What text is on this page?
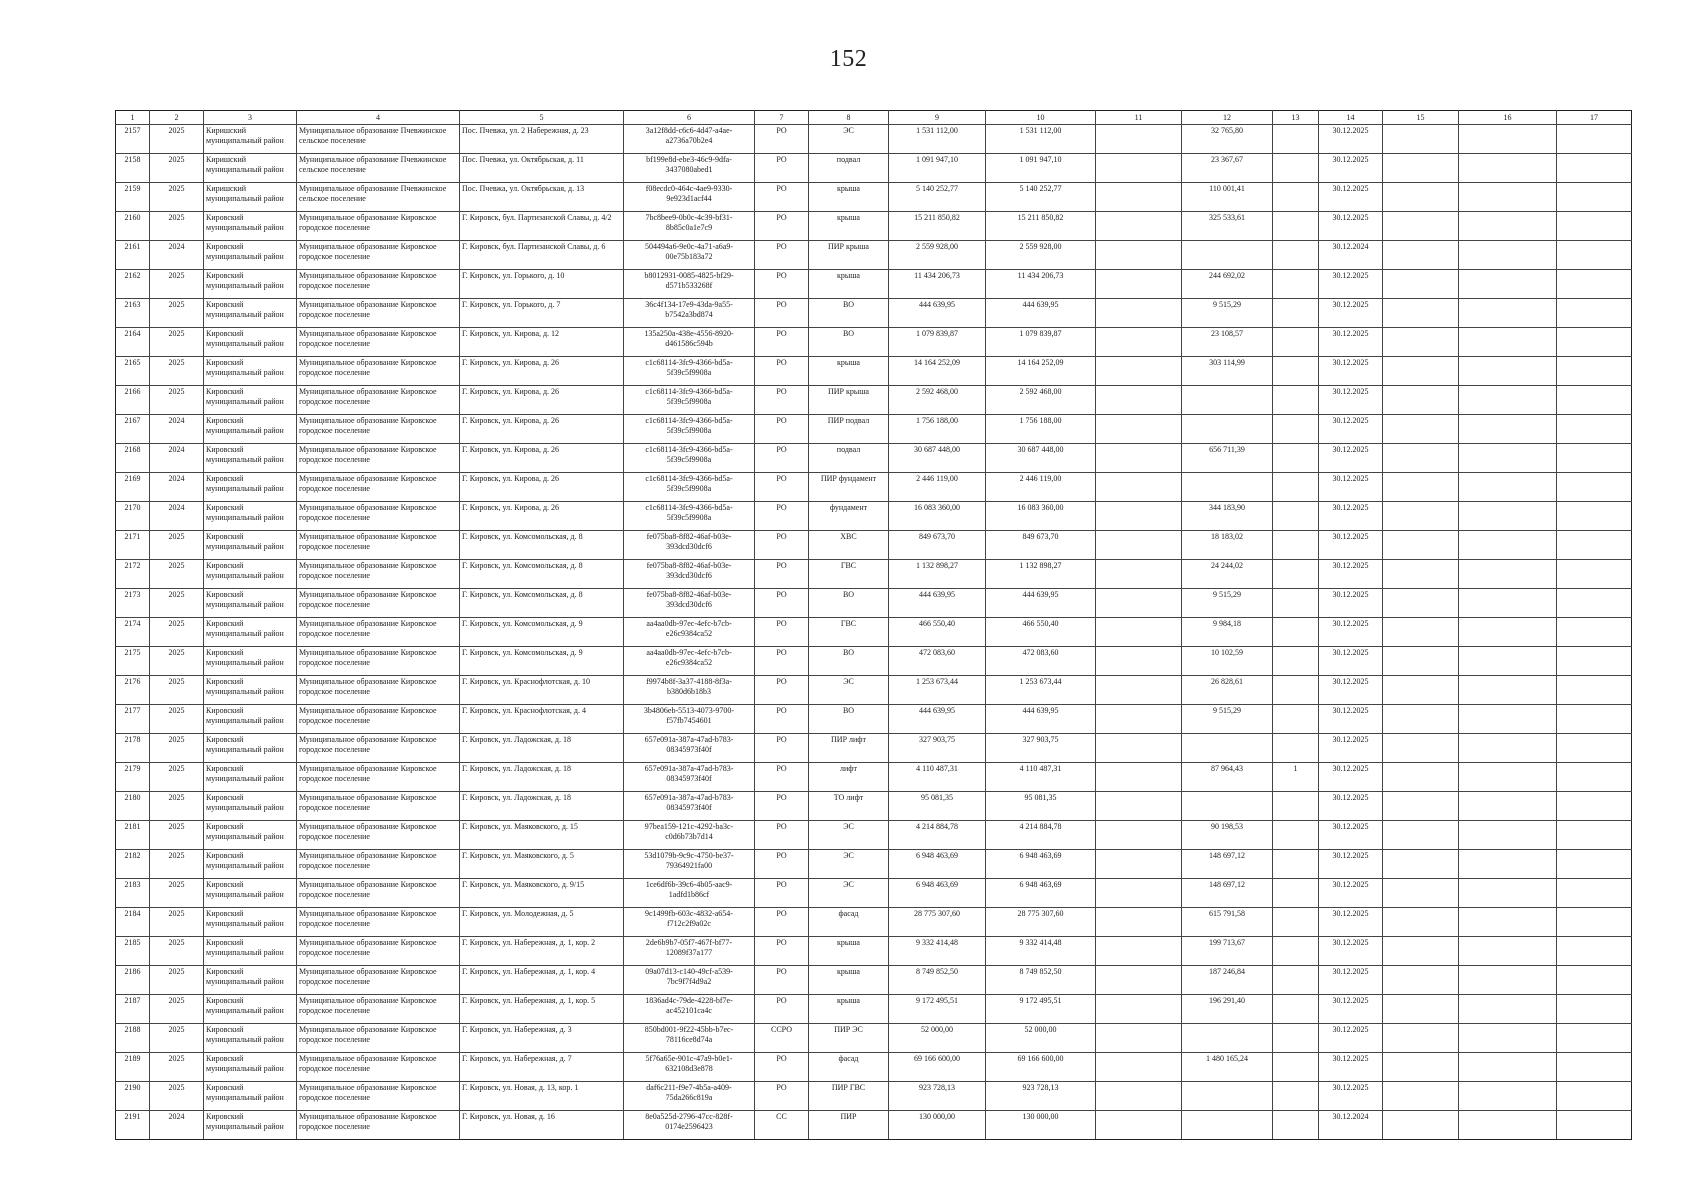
152
1	2	3	4	5	6	7	8	9	10	11	12	13	14	15	16	17
2157	2025	Киришский муниципальный район	Муниципальное образование Пчевжинское сельское поселение	Пос. Пчевжа, ул. 2 Набережная, д. 23	3a12f8dd-c6c6-4d47-a4ae-a2736a70b2e4	РО	ЭС	1 531 112,00	1 531 112,00		32 765,80		30.12.2025			
2158	2025	Киришский муниципальный район	Муниципальное образование Пчевжинское сельское поселение	Пос. Пчевжа, ул. Октябрьская, д. 11	bf199e8d-ebe3-46c9-9dfa-3437080abed1	РО	подвал	1 091 947,10	1 091 947,10		23 367,67		30.12.2025			
2159	2025	Киришский муниципальный район	Муниципальное образование Пчевжинское сельское поселение	Пос. Пчевжа, ул. Октябрьская, д. 13	f08ecdc0-464c-4ae9-9330-9e923d1acf44	РО	крыша	5 140 252,77	5 140 252,77		110 001,41		30.12.2025			
2160	2025	Кировский муниципальный район	Муниципальное образование Кировское городское поселение	Г. Кировск, бул. Партизанской Славы, д. 4/2	7bc8bee9-0b0c-4c39-bf31-8b85c0a1e7c9	РО	крыша	15 211 850,82	15 211 850,82		325 533,61		30.12.2025			
2161	2024	Кировский муниципальный район	Муниципальное образование Кировское городское поселение	Г. Кировск, бул. Партизанской Славы, д. 6	504494a6-9e0c-4a71-a6a9-00e75b183a72	РО	ПИР крыша	2 559 928,00	2 559 928,00				30.12.2024			
2162	2025	Кировский муниципальный район	Муниципальное образование Кировское городское поселение	Г. Кировск, ул. Горького, д. 10	b8012931-0085-4825-bf29-d571b533268f	РО	крыша	11 434 206,73	11 434 206,73		244 692,02		30.12.2025			
2163	2025	Кировский муниципальный район	Муниципальное образование Кировское городское поселение	Г. Кировск, ул. Горького, д. 7	36c4f134-17e9-43da-9a55-b7542a3bd874	РО	ВО	444 639,95	444 639,95		9 515,29		30.12.2025			
2164	2025	Кировский муниципальный район	Муниципальное образование Кировское городское поселение	Г. Кировск, ул. Кирова, д. 12	135a250a-438e-4556-8920-d461586c594b	РО	ВО	1 079 839,87	1 079 839,87		23 108,57		30.12.2025			
2165	2025	Кировский муниципальный район	Муниципальное образование Кировское городское поселение	Г. Кировск, ул. Кирова, д. 26	c1c68114-3fc9-4366-bd5a-5f39c5f9908a	РО	крыша	14 164 252,09	14 164 252,09		303 114,99		30.12.2025			
2166	2025	Кировский муниципальный район	Муниципальное образование Кировское городское поселение	Г. Кировск, ул. Кирова, д. 26	c1c68114-3fc9-4366-bd5a-5f39c5f9908a	РО	ПИР крыша	2 592 468,00	2 592 468,00				30.12.2025			
2167	2024	Кировский муниципальный район	Муниципальное образование Кировское городское поселение	Г. Кировск, ул. Кирова, д. 26	c1c68114-3fc9-4366-bd5a-5f39c5f9908a	РО	ПИР подвал	1 756 188,00	1 756 188,00				30.12.2025			
2168	2024	Кировский муниципальный район	Муниципальное образование Кировское городское поселение	Г. Кировск, ул. Кирова, д. 26	c1c68114-3fc9-4366-bd5a-5f39c5f9908a	РО	подвал	30 687 448,00	30 687 448,00		656 711,39		30.12.2025			
2169	2024	Кировский муниципальный район	Муниципальное образование Кировское городское поселение	Г. Кировск, ул. Кирова, д. 26	c1c68114-3fc9-4366-bd5a-5f39c5f9908a	РО	ПИР фундамент	2 446 119,00	2 446 119,00				30.12.2025			
2170	2024	Кировский муниципальный район	Муниципальное образование Кировское городское поселение	Г. Кировск, ул. Кирова, д. 26	c1c68114-3fc9-4366-bd5a-5f39c5f9908a	РО	фундамент	16 083 360,00	16 083 360,00		344 183,90		30.12.2025			
2171	2025	Кировский муниципальный район	Муниципальное образование Кировское городское поселение	Г. Кировск, ул. Комсомольская, д. 8	fe075ba8-8f82-46af-b03e-393dcd30dcf6	РО	ХВС	849 673,70	849 673,70		18 183,02		30.12.2025			
2172	2025	Кировский муниципальный район	Муниципальное образование Кировское городское поселение	Г. Кировск, ул. Комсомольская, д. 8	fe075ba8-8f82-46af-b03e-393dcd30dcf6	РО	ГВС	1 132 898,27	1 132 898,27		24 244,02		30.12.2025			
2173	2025	Кировский муниципальный район	Муниципальное образование Кировское городское поселение	Г. Кировск, ул. Комсомольская, д. 8	fe075ba8-8f82-46af-b03e-393dcd30dcf6	РО	ВО	444 639,95	444 639,95		9 515,29		30.12.2025			
2174	2025	Кировский муниципальный район	Муниципальное образование Кировское городское поселение	Г. Кировск, ул. Комсомольская, д. 9	aa4aa0db-97ec-4efc-b7cb-e26c9384ca52	РО	ГВС	466 550,40	466 550,40		9 984,18		30.12.2025			
2175	2025	Кировский муниципальный район	Муниципальное образование Кировское городское поселение	Г. Кировск, ул. Комсомольская, д. 9	aa4aa0db-97ec-4efc-b7cb-e26c9384ca52	РО	ВО	472 083,60	472 083,60		10 102,59		30.12.2025			
2176	2025	Кировский муниципальный район	Муниципальное образование Кировское городское поселение	Г. Кировск, ул. Краснофлотская, д. 10	f9974b8f-3a37-4188-8f3a-b380d6b18b3	РО	ЭС	1 253 673,44	1 253 673,44		26 828,61		30.12.2025			
2177	2025	Кировский муниципальный район	Муниципальное образование Кировское городское поселение	Г. Кировск, ул. Краснофлотская, д. 4	3b4806eb-5513-4073-9700-f57fb7454601	РО	ВО	444 639,95	444 639,95		9 515,29		30.12.2025			
2178	2025	Кировский муниципальный район	Муниципальное образование Кировское городское поселение	Г. Кировск, ул. Ладожская, д. 18	657e091a-387a-47ad-b783-08345973f40f	РО	ПИР лифт	327 903,75	327 903,75				30.12.2025			
2179	2025	Кировский муниципальный район	Муниципальное образование Кировское городское поселение	Г. Кировск, ул. Ладожская, д. 18	657e091a-387a-47ad-b783-08345973f40f	РО	лифт	4 110 487,31	4 110 487,31		87 964,43	1	30.12.2025			
2180	2025	Кировский муниципальный район	Муниципальное образование Кировское городское поселение	Г. Кировск, ул. Ладожская, д. 18	657e091a-387a-47ad-b783-08345973f40f	РО	ТО лифт	95 081,35	95 081,35				30.12.2025			
2181	2025	Кировский муниципальный район	Муниципальное образование Кировское городское поселение	Г. Кировск, ул. Маяковского, д. 15	97bea159-121c-4292-ba3c-c0d6b73b7d14	РО	ЭС	4 214 884,78	4 214 884,78		90 198,53		30.12.2025			
2182	2025	Кировский муниципальный район	Муниципальное образование Кировское городское поселение	Г. Кировск, ул. Маяковского, д. 5	53d1079b-9c9c-4750-be37-79364921fa00	РО	ЭС	6 948 463,69	6 948 463,69		148 697,12		30.12.2025			
2183	2025	Кировский муниципальный район	Муниципальное образование Кировское городское поселение	Г. Кировск, ул. Маяковского, д. 9/15	1ce6df6b-39c6-4b05-aac9-1adfd1b86cf	РО	ЭС	6 948 463,69	6 948 463,69		148 697,12		30.12.2025			
2184	2025	Кировский муниципальный район	Муниципальное образование Кировское городское поселение	Г. Кировск, ул. Молодежная, д. 5	9c1499fb-603c-4832-a654-f712c2f9a02c	РО	фасад	28 775 307,60	28 775 307,60		615 791,58		30.12.2025			
2185	2025	Кировский муниципальный район	Муниципальное образование Кировское городское поселение	Г. Кировск, ул. Набережная, д. 1, кор. 2	2de6b9b7-05f7-467f-bf77-12089f37a177	РО	крыша	9 332 414,48	9 332 414,48		199 713,67		30.12.2025			
2186	2025	Кировский муниципальный район	Муниципальное образование Кировское городское поселение	Г. Кировск, ул. Набережная, д. 1, кор. 4	09a07d13-c140-49cf-a539-7bc9f7f4d9a2	РО	крыша	8 749 852,50	8 749 852,50		187 246,84		30.12.2025			
2187	2025	Кировский муниципальный район	Муниципальное образование Кировское городское поселение	Г. Кировск, ул. Набережная, д. 1, кор. 5	1836ad4c-79de-4228-bf7e-ac452101ca4c	РО	крыша	9 172 495,51	9 172 495,51		196 291,40		30.12.2025			
2188	2025	Кировский муниципальный район	Муниципальное образование Кировское городское поселение	Г. Кировск, ул. Набережная, д. 3	850bd001-9f22-45bb-b7ec-78116ce8d74a	ССРО	ПИР ЭС	52 000,00	52 000,00				30.12.2025			
2189	2025	Кировский муниципальный район	Муниципальное образование Кировское городское поселение	Г. Кировск, ул. Набережная, д. 7	5f76a65e-901c-47a9-b0e1-632108d3e878	РО	фасад	69 166 600,00	69 166 600,00		1 480 165,24		30.12.2025			
2190	2025	Кировский муниципальный район	Муниципальное образование Кировское городское поселение	Г. Кировск, ул. Новая, д. 13, кор. 1	daf6c211-f9e7-4b5a-a409-75da266c819a	РО	ПИР ГВС	923 728,13	923 728,13				30.12.2025			
2191	2024	Кировский муниципальный район	Муниципальное образование Кировское городское поселение	Г. Кировск, ул. Новая, д. 16	8e0a525d-2796-47cc-828f-0174e2596423	СС	ПИР	130 000,00	130 000,00				30.12.2024			
